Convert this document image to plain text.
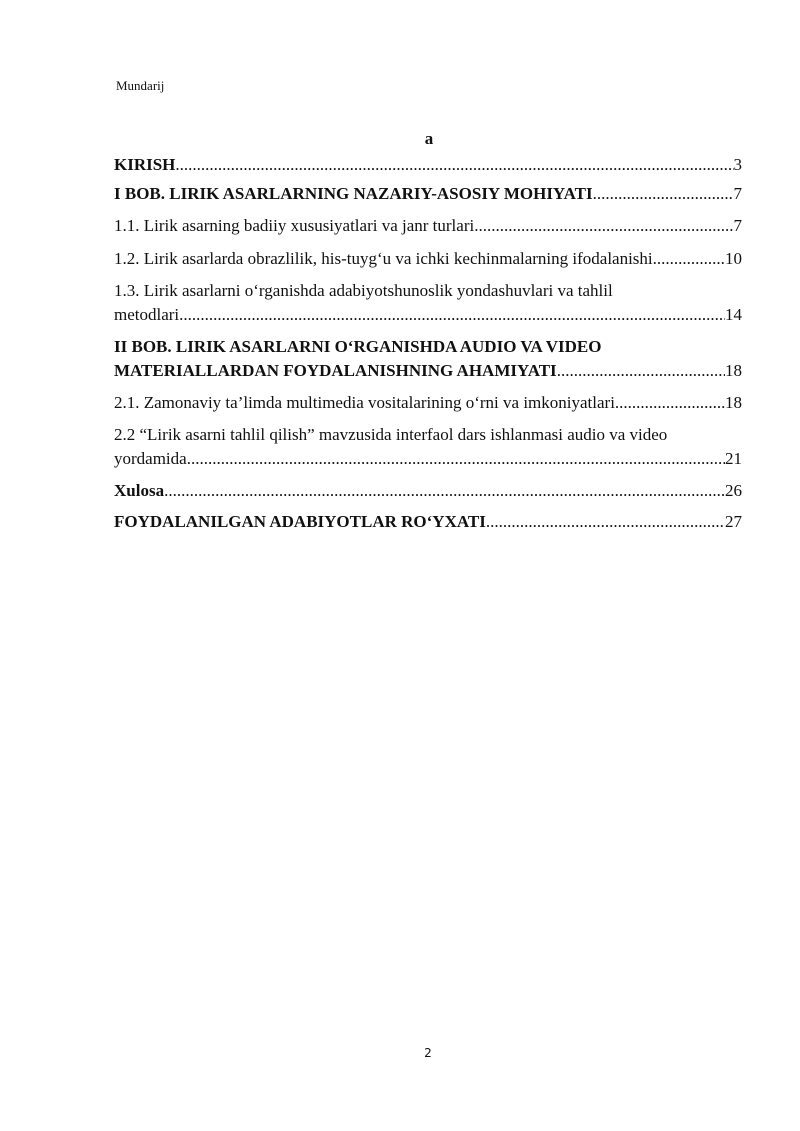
Mundarij
a
KIRISH .....	3
I BOB. LIRIK ASARLARNING NAZARIY-ASOSIY MOHIYATI .....	7
1.1. Lirik asarning badiiy xususiyatlari va janr turlari .....	7
1.2. Lirik asarlarda obrazlilik, his-tuyg‘u va ichki kechinmalarning ifodalanishi. .....	10
1.3. Lirik asarlarni o‘rganishda adabiyotshunoslik yondashuvlari va tahlil
metodlari .....	14
II BOB. LIRIK ASARLARNI O‘RGANISHDA AUDIO VA VIDEO
MATERIALLARDAN FOYDALANISHNING AHAMIYATI .....	18
2.1. Zamonaviy ta’limda multimedia vositalarining o‘rni va imkoniyatlari .....	18
2.2 “Lirik asarni tahlil qilish” mavzusida interfaol dars ishlanmasi audio va video
yordamida .....	21
Xulosa .....	26
FOYDALANILGAN ADABIYOTLAR RO‘YXATI .....	27
2
